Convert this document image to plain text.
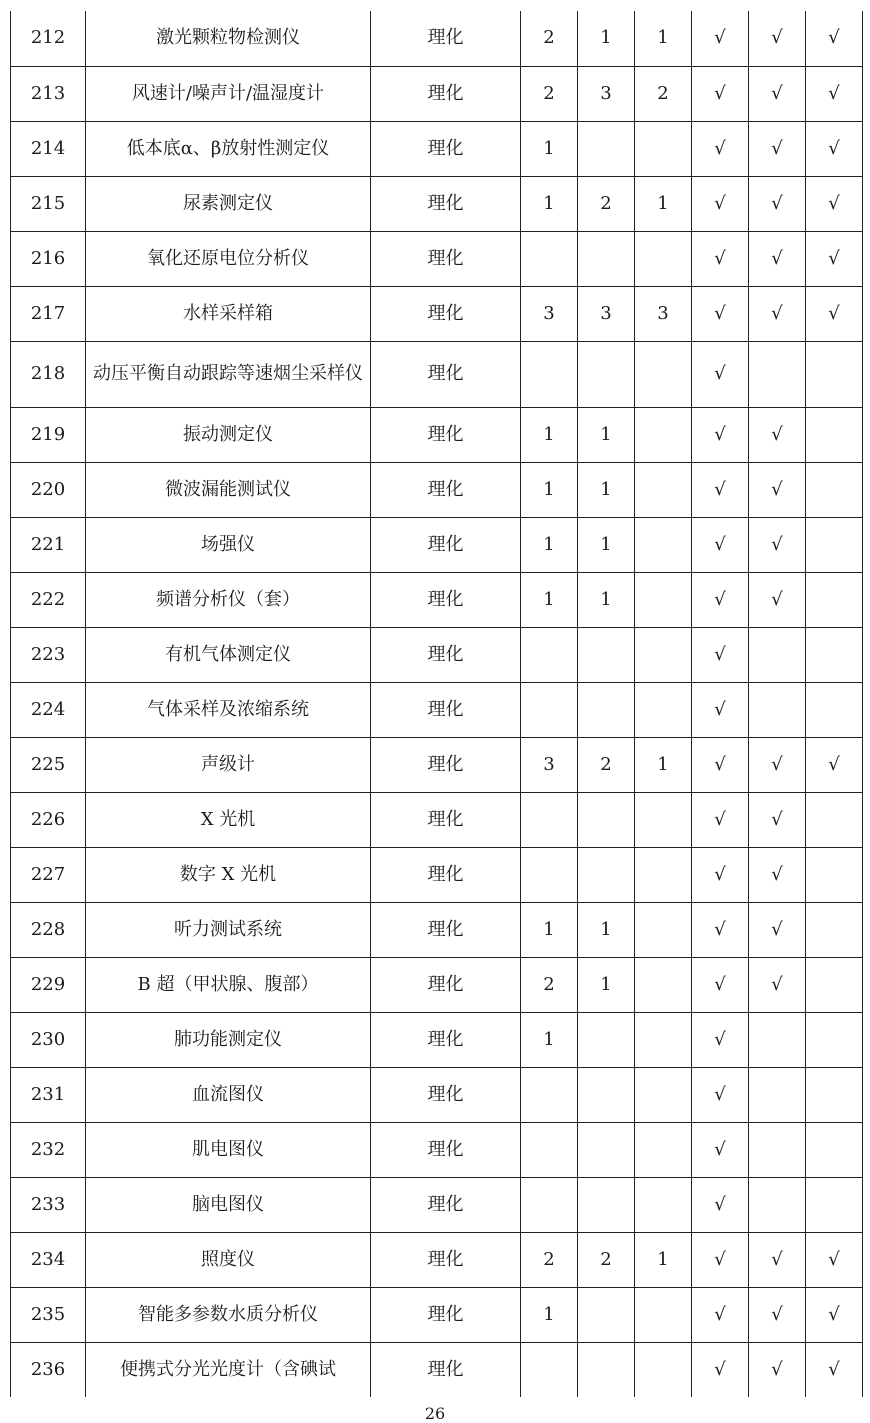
212	激光颗粒物检测仪	理化	2	1	1	√	√	√
213	风速计/噪声计/温湿度计	理化	2	3	2	√	√	√
214	低本底α、β放射性测定仪	理化	1			√	√	√
215	尿素测定仪	理化	1	2	1	√	√	√
216	氧化还原电位分析仪	理化				√	√	√
217	水样采样箱	理化	3	3	3	√	√	√
218	动压平衡自动跟踪等速烟尘采样仪	理化				√		
219	振动测定仪	理化	1	1		√	√	
220	微波漏能测试仪	理化	1	1		√	√	
221	场强仪	理化	1	1		√	√	
222	频谱分析仪（套）	理化	1	1		√	√	
223	有机气体测定仪	理化				√		
224	气体采样及浓缩系统	理化				√		
225	声级计	理化	3	2	1	√	√	√
226	X 光机	理化				√	√	
227	数字 X 光机	理化				√	√	
228	听力测试系统	理化	1	1		√	√	
229	B 超（甲状腺、腹部）	理化	2	1		√	√	
230	肺功能测定仪	理化	1			√		
231	血流图仪	理化				√		
232	肌电图仪	理化				√		
233	脑电图仪	理化				√		
234	照度仪	理化	2	2	1	√	√	√
235	智能多参数水质分析仪	理化	1			√	√	√
236	便携式分光光度计（含碘试	理化				√	√	√
26
